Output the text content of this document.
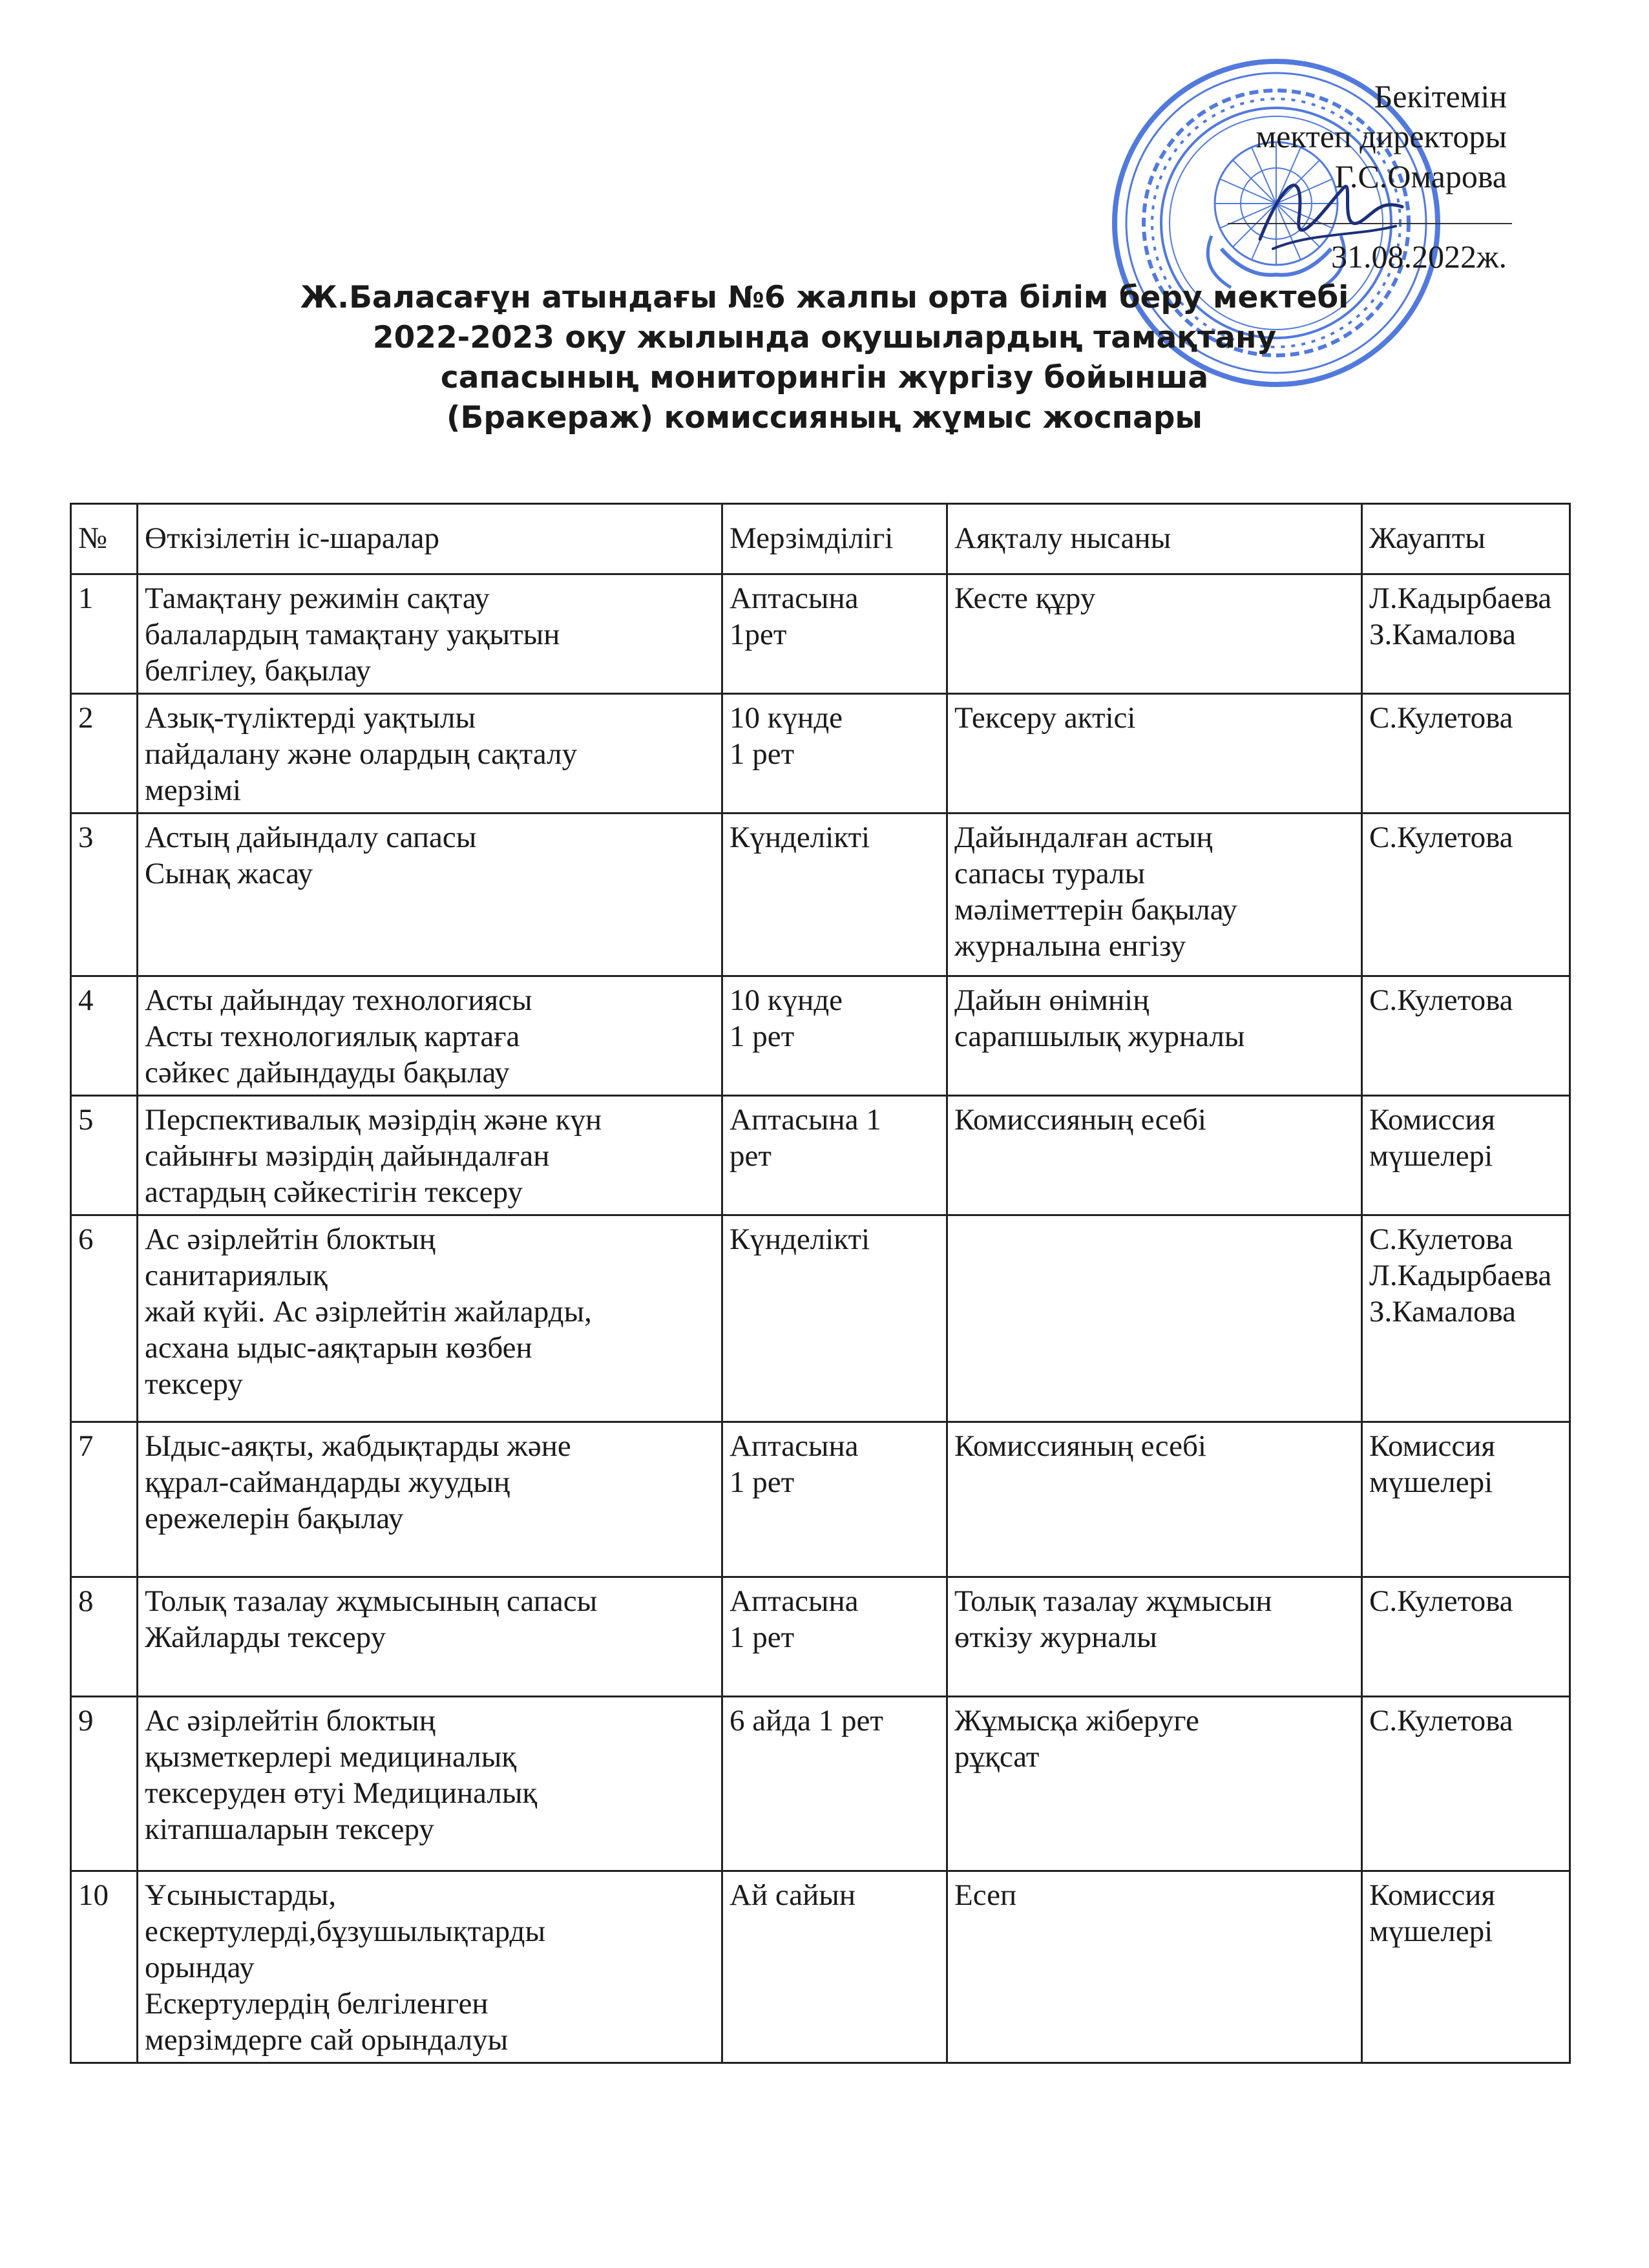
Бекітемін
мектеп директоры
Г.С.Омарова
31.08.2022ж.
Ж.Баласағұн атындағы №6 жалпы орта білім беру мектебі
2022-2023 оқу жылында оқушылардың тамақтану
сапасының мониторингін жүргізу бойынша
(Бракераж) комиссияның жұмыс жоспары
№	Өткізілетін іс-шаралар	Мерзімділігі	Аяқталу нысаны	Жауапты
1	Тамақтану режимін сақтау
балалардың тамақтану уақытын
белгілеу, бақылау	Аптасына
1рет	Кесте құру	Л.Кадырбаева
З.Камалова

2	Азық-түліктерді уақтылы
пайдалану және олардың сақталу
мерзімі	10 күнде
1 рет	Тексеру актісі	С.Кулетова

3	Астың дайындалу сапасы
Сынақ жасау	Күнделікті	Дайындалған астың
сапасы туралы
мәліметтерін бақылау
журналына енгізу	С.Кулетова

4	Асты дайындау технологиясы
Асты технологиялық картаға
сәйкес дайындауды бақылау	10 күнде
1 рет	Дайын өнімнің
сарапшылық журналы	С.Кулетова

5	Перспективалық мәзірдің және күн
сайынғы мәзірдің дайындалған
астардың сәйкестігін тексеру	Аптасына 1
рет	Комиссияның есебі	Комиссия
мүшелері

6	Ас әзірлейтін блоктың
санитариялық
жай күйі. Ас әзірлейтін жайларды,
асхана ыдыс-аяқтарын көзбен
тексеру	Күнделікті		С.Кулетова
Л.Кадырбаева
З.Камалова

7	Ыдыс-аяқты, жабдықтарды және
құрал-саймандарды жуудың
ережелерін бақылау	Аптасына
1 рет	Комиссияның есебі	Комиссия
мүшелері

8	Толық тазалау жұмысының сапасы
Жайларды тексеру	Аптасына
1 рет	Толық тазалау жұмысын
өткізу журналы	С.Кулетова

9	Ас әзірлейтін блоктың
қызметкерлері медициналық
тексеруден өтуі Медициналық
кітапшаларын тексеру	6 айда 1 рет	Жұмысқа жіберуге
рұқсат	С.Кулетова

10	Ұсыныстарды,
ескертулерді,бұзушылықтарды
орындау
Ескертулердің белгіленген
мерзімдерге сай орындалуы	Ай сайын	Есеп	Комиссия
мүшелері
